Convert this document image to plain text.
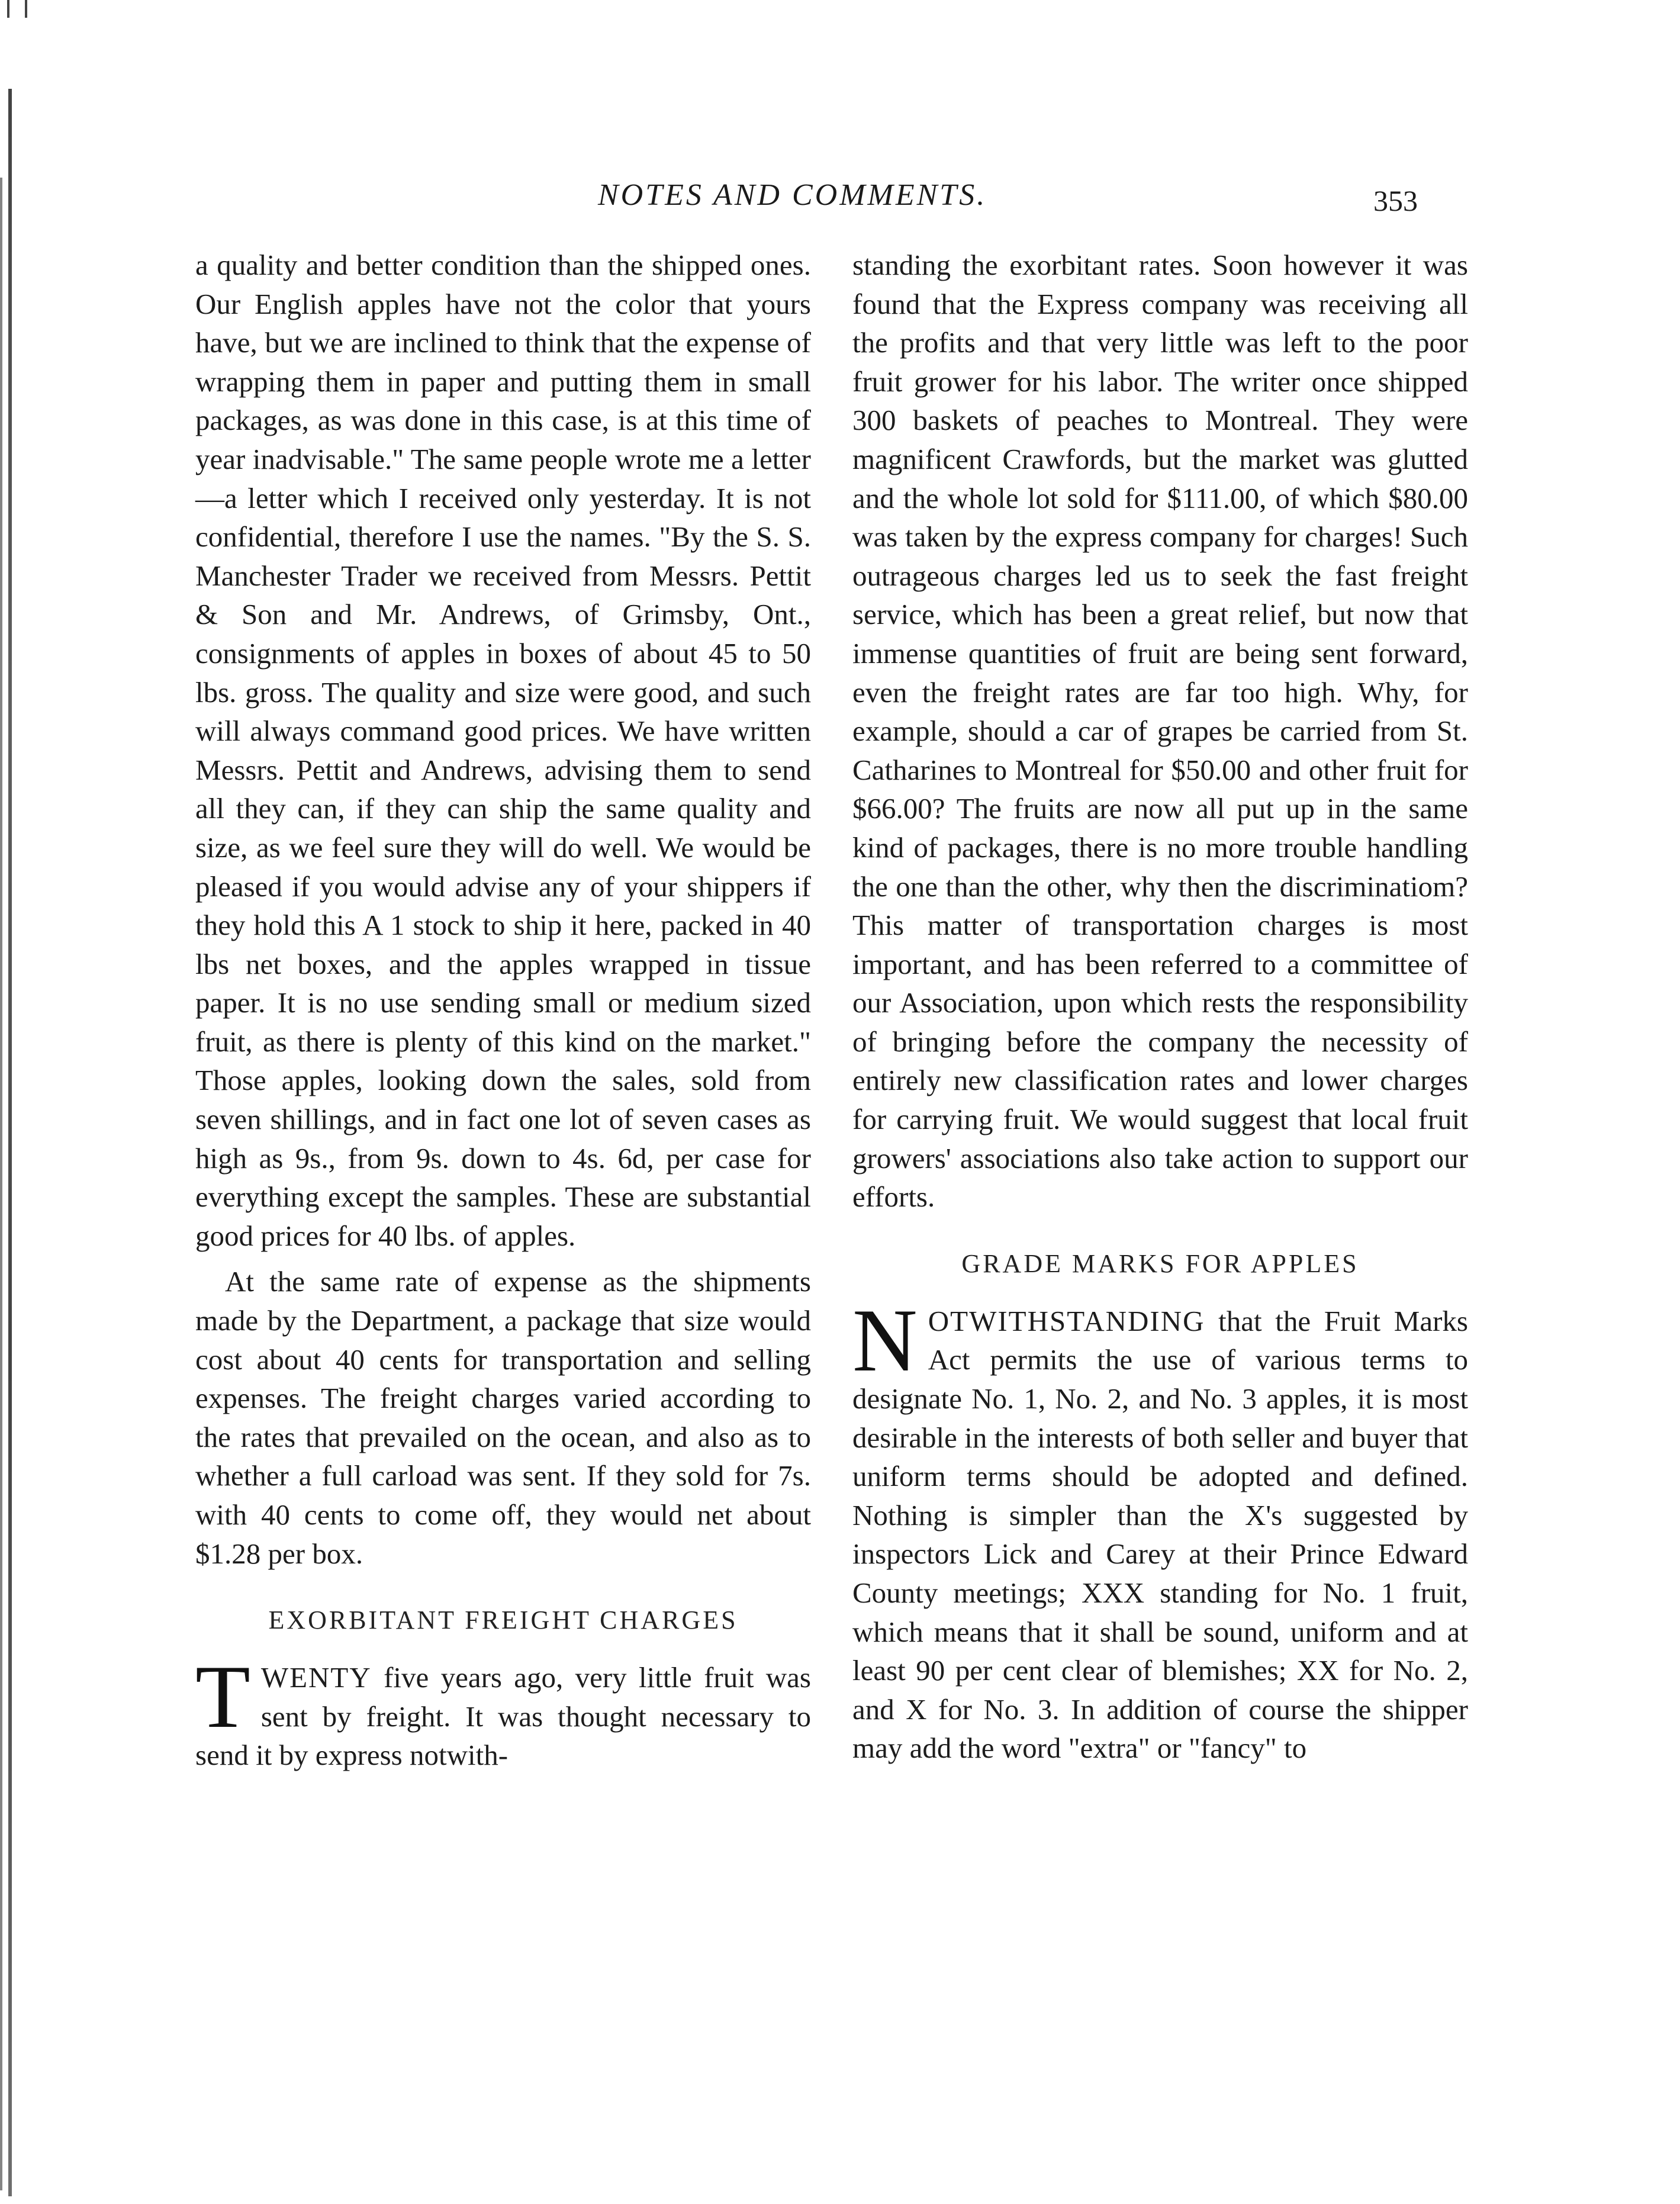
NOTES AND COMMENTS.	353

a quality and better condition than the shipped ones. Our English apples have not the color that yours have, but we are inclined to think that the expense of wrapping them in paper and putting them in small packages, as was done in this case, is at this time of year inadvisable." The same people wrote me a letter—a letter which I received only yesterday. It is not confidential, therefore I use the names. "By the S. S. Manchester Trader we received from Messrs. Pettit & Son and Mr. Andrews, of Grimsby, Ont., consignments of apples in boxes of about 45 to 50 lbs. gross. The quality and size were good, and such will always command good prices. We have written Messrs. Pettit and Andrews, advising them to send all they can, if they can ship the same quality and size, as we feel sure they will do well. We would be pleased if you would advise any of your shippers if they hold this A 1 stock to ship it here, packed in 40 lbs net boxes, and the apples wrapped in tissue paper. It is no use sending small or medium sized fruit, as there is plenty of this kind on the market." Those apples, looking down the sales, sold from seven shillings, and in fact one lot of seven cases as high as 9s., from 9s. down to 4s. 6d, per case for everything except the samples. These are substantial good prices for 40 lbs. of apples.

At the same rate of expense as the shipments made by the Department, a package that size would cost about 40 cents for transportation and selling expenses. The freight charges varied according to the rates that prevailed on the ocean, and also as to whether a full carload was sent. If they sold for 7s. with 40 cents to come off, they would net about $1.28 per box.

EXORBITANT FREIGHT CHARGES

TWENTY five years ago, very little fruit was sent by freight. It was thought necessary to send it by express notwith-

standing the exorbitant rates. Soon however it was found that the Express company was receiving all the profits and that very little was left to the poor fruit grower for his labor. The writer once shipped 300 baskets of peaches to Montreal. They were magnificent Crawfords, but the market was glutted and the whole lot sold for $111.00, of which $80.00 was taken by the express company for charges! Such outrageous charges led us to seek the fast freight service, which has been a great relief, but now that immense quantities of fruit are being sent forward, even the freight rates are far too high. Why, for example, should a car of grapes be carried from St. Catharines to Montreal for $50.00 and other fruit for $66.00? The fruits are now all put up in the same kind of packages, there is no more trouble handling the one than the other, why then the discriminatiom? This matter of transportation charges is most important, and has been referred to a committee of our Association, upon which rests the responsibility of bringing before the company the necessity of entirely new classification rates and lower charges for carrying fruit. We would suggest that local fruit growers' associations also take action to support our efforts.

GRADE MARKS FOR APPLES

NOTWITHSTANDING that the Fruit Marks Act permits the use of various terms to designate No. 1, No. 2, and No. 3 apples, it is most desirable in the interests of both seller and buyer that uniform terms should be adopted and defined. Nothing is simpler than the X's suggested by inspectors Lick and Carey at their Prince Edward County meetings; XXX standing for No. 1 fruit, which means that it shall be sound, uniform and at least 90 per cent clear of blemishes; XX for No. 2, and X for No. 3. In addition of course the shipper may add the word "extra" or "fancy" to
